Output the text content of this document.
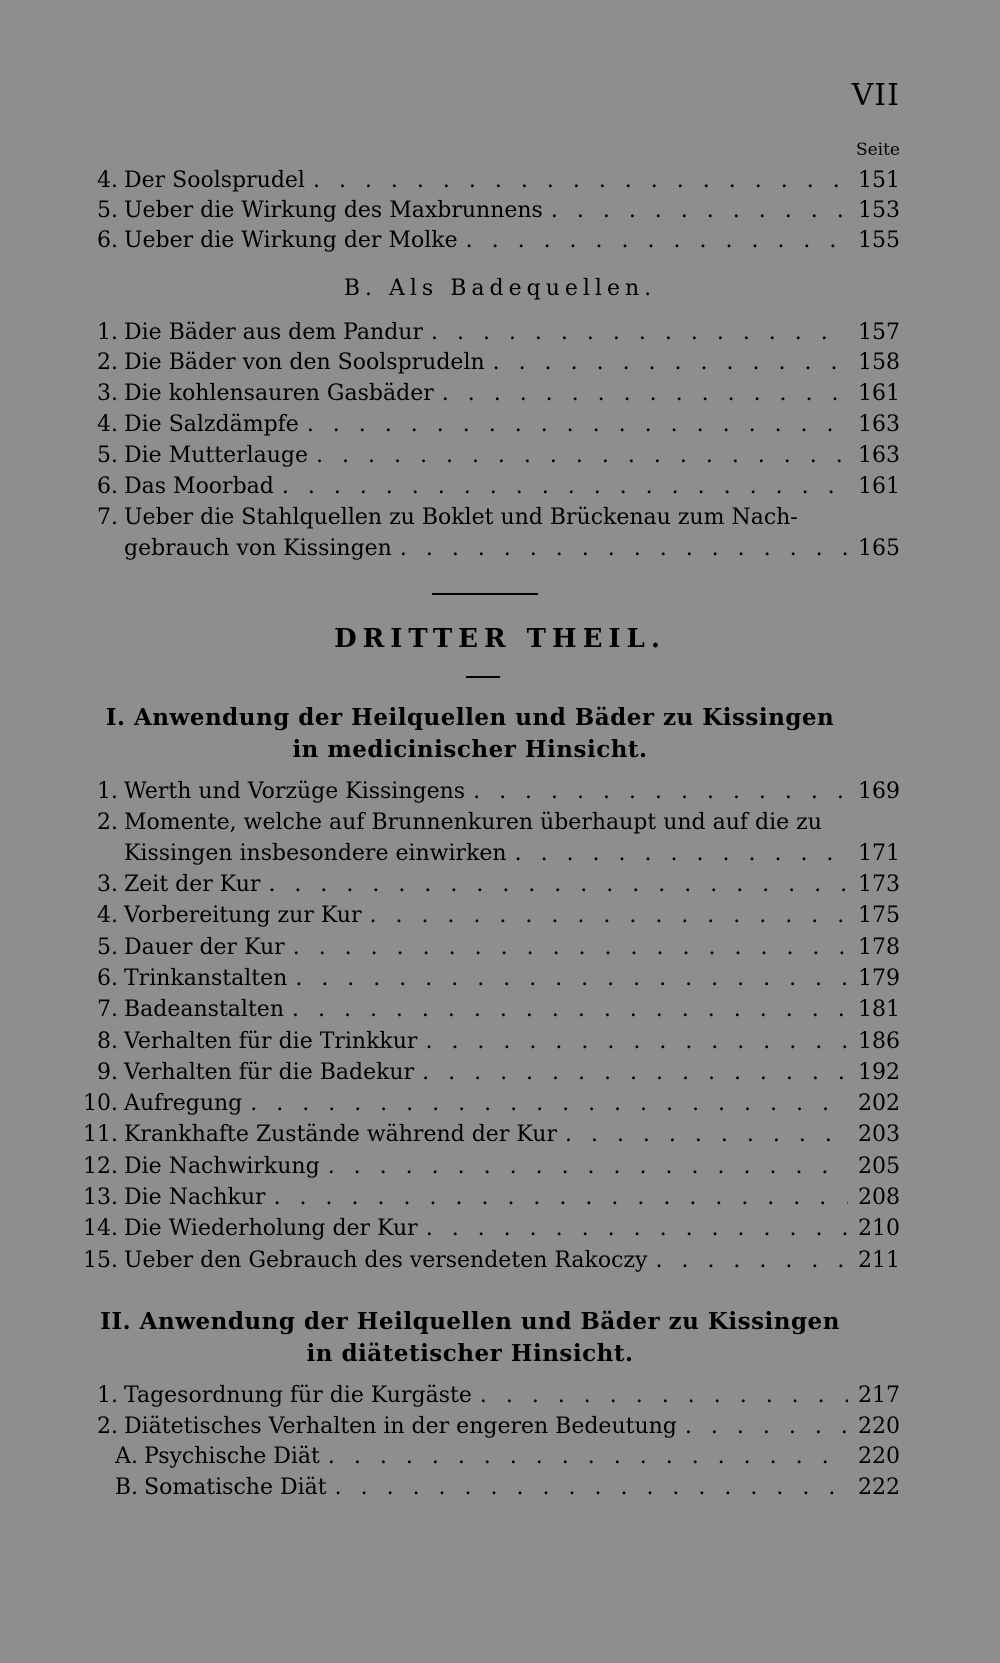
VII
Seite
4. Der Soolsprudel . . .	151
5. Ueber die Wirkung des Maxbrunnens . . .	153
6. Ueber die Wirkung der Molke . . .	155
B. Als Badequellen.
1. Die Bäder aus dem Pandur . . .	157
2. Die Bäder von den Soolsprudeln . . .	158
3. Die kohlensauren Gasbäder . . .	161
4. Die Salzdämpfe . . .	163
5. Die Mutterlauge . . .	163
6. Das Moorbad . . .	161
7. Ueber die Stahlquellen zu Boklet und Brückenau zum Nach-
gebrauch von Kissingen . . .	165
DRITTER THEIL.
I. Anwendung der Heilquellen und Bäder zu Kissingen
in medicinischer Hinsicht.
1. Werth und Vorzüge Kissingens . . .	169
2. Momente, welche auf Brunnenkuren überhaupt und auf die zu
Kissingen insbesondere einwirken . . .	171
3. Zeit der Kur . . .	173
4. Vorbereitung zur Kur . . .	175
5. Dauer der Kur . . .	178
6. Trinkanstalten . . .	179
7. Badeanstalten . . .	181
8. Verhalten für die Trinkkur . . .	186
9. Verhalten für die Badekur . . .	192
10. Aufregung . . .	202
11. Krankhafte Zustände während der Kur . . .	203
12. Die Nachwirkung . . .	205
13. Die Nachkur . . .	208
14. Die Wiederholung der Kur . . .	210
15. Ueber den Gebrauch des versendeten Rakoczy . . .	211
II. Anwendung der Heilquellen und Bäder zu Kissingen
in diätetischer Hinsicht.
1. Tagesordnung für die Kurgäste . . .	217
2. Diätetisches Verhalten in der engeren Bedeutung . . .	220
A. Psychische Diät . . .	220
B. Somatische Diät . . .	222
